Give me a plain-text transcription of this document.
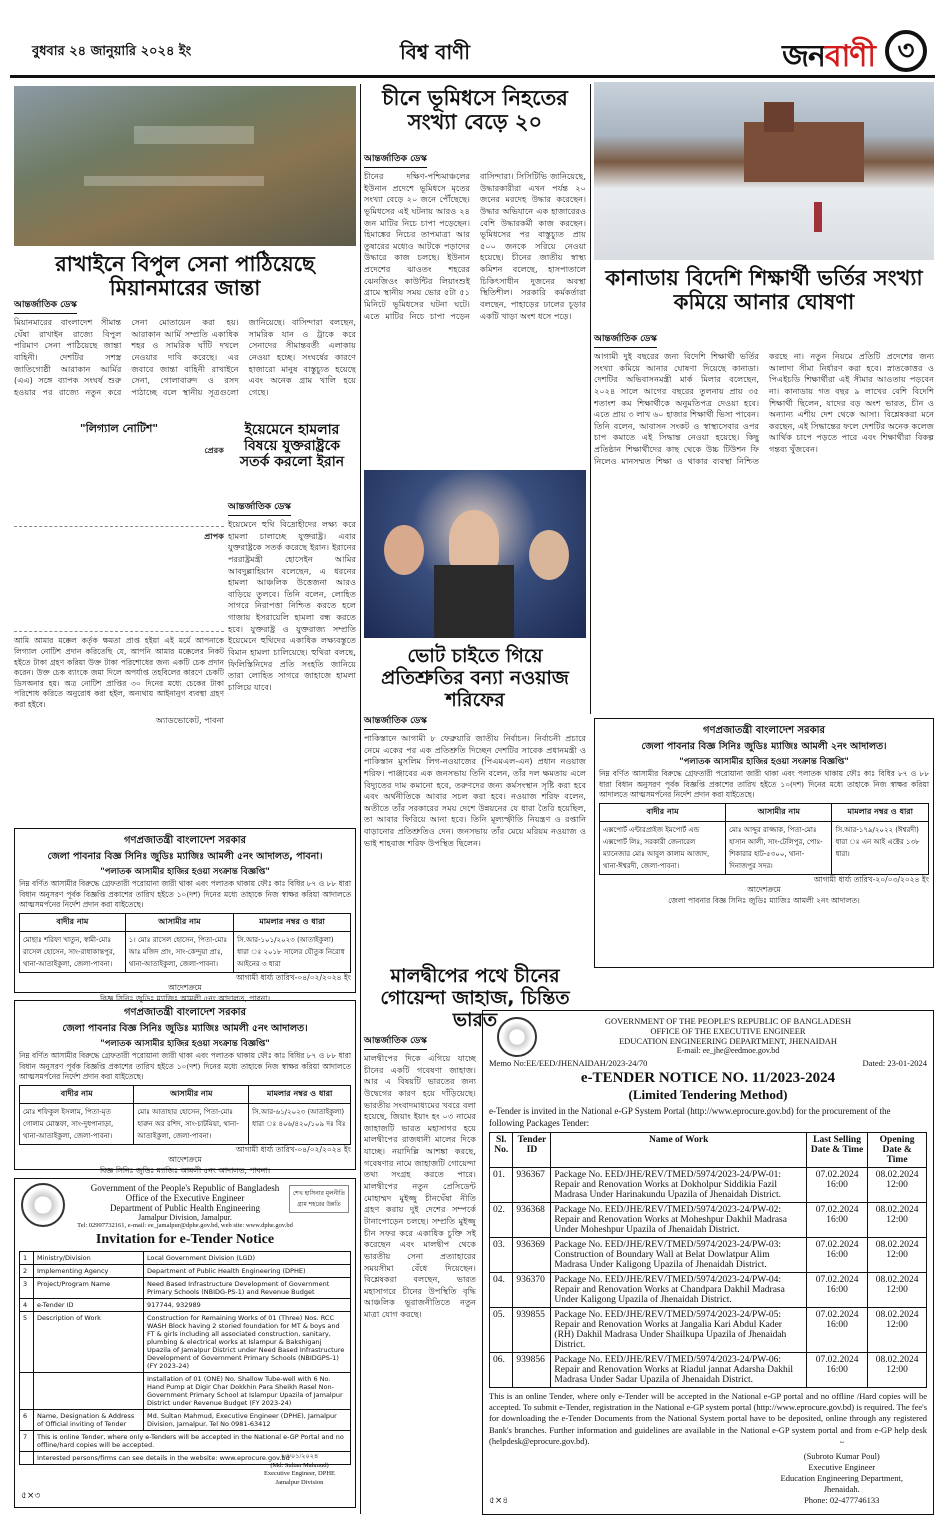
বুধবার ২৪ জানুয়ারি ২০২৪ ইং	বিশ্ব বাণী	জনবাণী ৩
রাখাইনে বিপুল সেনা পাঠিয়েছে মিয়ানমারের জান্তা
আন্তর্জাতিক ডেস্ক
মিয়ানমারের বাংলাদেশ সীমান্ত ঘেঁষা রাখাইন রাজ্যে বিপুল পরিমাণ সেনা পাঠিয়েছে জান্তা বাহিনী। দেশটির সশস্ত্র জাতিগোষ্ঠী আরাকান আর্মির (এএ) সঙ্গে ব্যাপক সংঘর্ষ শুরু হওয়ার পর রাজ্যে নতুন করে সেনা মোতায়েন করা হয়। আরাকান আর্মি সম্প্রতি একাধিক শহর ও সামরিক ঘাঁটি দখলে নেওয়ার দাবি করেছে। এর জবাবে জান্তা বাহিনী রাখাইনে সেনা, গোলাবারুদ ও রসদ পাঠাচ্ছে বলে স্থানীয় সূত্রগুলো জানিয়েছে। বাসিন্দারা বলছেন, সামরিক যান ও ট্রাকে করে সেনাদের সীমান্তবর্তী এলাকায় নেওয়া হচ্ছে। সংঘর্ষের কারণে হাজারো মানুষ বাস্তুচ্যুত হয়েছে এবং অনেক গ্রাম খালি হয়ে গেছে।
"লিগ্যাল নোটিশ"
প্রেরক
প্রাপক
আমি আমার মক্কেল কর্তৃক ক্ষমতা প্রাপ্ত হইয়া এই মর্মে আপনাকে লিগ্যাল নোটিশ প্রদান করিতেছি যে, আপনি আমার মক্কেলের নিকট হইতে টাকা গ্রহণ করিয়া উক্ত টাকা পরিশোধের জন্য একটি চেক প্রদান করেন। উক্ত চেক ব্যাংকে জমা দিলে অপর্যাপ্ত তহবিলের কারণে চেকটি ডিসঅনার হয়। অত্র নোটিশ প্রাপ্তির ৩০ দিনের মধ্যে চেকের টাকা পরিশোধ করিতে অনুরোধ করা হইল, অন্যথায় আইনানুগ ব্যবস্থা গ্রহণ করা হইবে।
অ্যাডভোকেট, পাবনা
ইয়েমেনে হামলার বিষয়ে যুক্তরাষ্ট্রকে সতর্ক করলো ইরান
আন্তর্জাতিক ডেস্ক
ইয়েমেনে হুথি বিদ্রোহীদের লক্ষ্য করে হামলা চালাচ্ছে যুক্তরাষ্ট্র। এবার যুক্তরাষ্ট্রকে সতর্ক করেছে ইরান। ইরানের পররাষ্ট্রমন্ত্রী হোসেইন আমির আবদুল্লাহিয়ান বলেছেন, এ ধরনের হামলা আঞ্চলিক উত্তেজনা আরও বাড়িয়ে তুলবে। তিনি বলেন, লোহিত সাগরে নিরাপত্তা নিশ্চিত করতে হলে গাজায় ইসরায়েলি হামলা বন্ধ করতে হবে। যুক্তরাষ্ট্র ও যুক্তরাজ্য সম্প্রতি ইয়েমেনে হুথিদের একাধিক লক্ষ্যবস্তুতে বিমান হামলা চালিয়েছে। হুথিরা বলছে, ফিলিস্তিনিদের প্রতি সংহতি জানিয়ে তারা লোহিত সাগরে জাহাজে হামলা চালিয়ে যাবে।
গণপ্রজাতন্ত্রী বাংলাদেশ সরকার
জেলা পাবনার বিজ্ঞ সিনিঃ জুডিঃ ম্যাজিঃ আমলী ৫নং আদালত, পাবনা।
"পলাতক আসামীর হাজির হওয়া সংক্রান্ত বিজ্ঞপ্তি"
নিম্ন বর্ণিত আসামীর বিরুদ্ধে গ্রেফতারী পরোয়ানা জারী থাকা এবং পলাতক থাকায় ফৌঃ কাঃ বিধির ৮৭ ও ৮৮ ধারা বিধান অনুসরণ পূর্বক বিজ্ঞপ্তি প্রকাশের তারিখ হইতে ১০(দশ) দিনের মধ্যে তাহাকে নিজ স্বাক্ষর করিয়া আদালতে আত্মসমর্পনের নির্দেশ প্রদান করা যাইতেছে।
বাদীর নাম	আসামীর নাম	মামলার নম্বর ও ধারা
মোছাঃ শরিফা খাতুন, স্বামী-মোঃ রাসেল হোসেন, সাং-রাধাকান্তপুর, থানা-আতাইকুলা, জেলা-পাবনা।	১। মোঃ রাসেল হোসেন, পিতা-মোঃ আঃ মজিদ প্রাং, সাং-কেন্দুয়া প্রাঃ, থানা-আতাইকুলা, জেলা-পাবনা।	সি.আর-১০১/২০২৩ (আতাইকুলা) ধারা ঃ ২০১৮ সালের যৌতুক নিরোধ আইনের ৩ ধারা
আগামী ধার্য্য তারিখ-০৪/০২/২০২৪ ইং
আদেশক্রমে
বিজ্ঞ সিনিঃ জুডিঃ ম্যাজিঃ আমলী ৫নং আদালত, পাবনা।
গণপ্রজাতন্ত্রী বাংলাদেশ সরকার
জেলা পাবনার বিজ্ঞ সিনিঃ জুডিঃ ম্যাজিঃ আমলী ৫নং আদালত।
"পলাতক আসামীর হাজির হওয়া সংক্রান্ত বিজ্ঞপ্তি"
নিম্ন বর্ণিত আসামীর বিরুদ্ধে গ্রেফতারী পরোয়ানা জারী থাকা এবং পলাতক থাকায় ফৌঃ কাঃ বিধির ৮৭ ও ৮৮ ধারা বিধান অনুসরণ পূর্বক বিজ্ঞপ্তি প্রকাশের তারিখ হইতে ১০(দশ) দিনের মধ্যে তাহাকে নিজ স্বাক্ষর করিয়া আদালতে আত্মসমর্পনের নির্দেশ প্রদান করা যাইতেছে।
বাদীর নাম	আসামীর নাম	মামলার নম্বর ও ধারা
মোঃ শফিকুল ইসলাম, পিতা-মৃত গোলাম মোস্তফা, সাং-দুধপানাড়া, থানা-আতাইকুলা, জেলা-পাবনা।	মোঃ আতাহার হোসেন, পিতা-মোঃ হারুন অর রশিদ, সাং-চাটমিয়া, থানা-আতাইকুলা, জেলা-পাবনা।	সি.আর-৬১/২০২৩ (আতাইকুলা) ধারা ঃ ৪০৬/৪২০/১০৯ দঃ বিঃ
আগামী ধার্য্য তারিখ-০৪/০২/২০২৪ ইং
আদেশক্রমে
বিজ্ঞ সিনিঃ জুডিঃ ম্যাজিঃ আমলী ৫নং আদালত, পাবনা।
শেখ হাসিনার মূলনীতি গ্রাম শহরের উন্নতি
Government of the People's Republic of Bangladesh
Office of the Executive Engineer
Department of Public Health Engineering
Jamalpur Division, Jamalpur.
Tel: 02997732161, e-mail: ee_jamalpur@dphe.gov.bd, web site: www.dphe.gov.bd
Invitation for e-Tender Notice
1	Ministry/Division	Local Government Division (LGD)
2	Implementing Agency	Department of Public Health Engineering (DPHE)
3	Project/Program Name	Need Based Infrastructure Development of Government Primary Schools (NBIDG-PS-1) and Revenue Budget
4	e-Tender ID	917744, 932989
5	Description of Work	Construction for Remaining Works of 01 (Three) Nos. RCC WASH Block having 2 storied foundation for MT & boys and FT & girls including all associated construction, sanitary, plumbing & electrical works at Islampur & Bakshiganj Upazila of Jamalpur District under Need Based Infrastructure Development of Government Primary Schools (NBIDGPS-1) (FY 2023-24)
		Installation of 01 (ONE) No. Shallow Tube-well with 6 No. Hand Pump at Digir Char Dokkhin Para Sheikh Rasel Non-Government Primary School at Islampur Upazila of Jamalpur District under Revenue Budget (FY 2023-24)
6	Name, Designation & Address of Official inviting of Tender	Md. Sultan Mahmud, Executive Engineer (DPHE), Jamalpur Division, Jamalpur. Tel No 0981-63412
7	This is online Tender, where only e-Tenders will be accepted in the National e-GP Portal and no offline/hard copies will be accepted.	
	Interested persons/firms can see details in the website: www.eprocure.gov.bd	
২৩/০১/২০২৪
(Md. Sultan Mahmud)
Executive Engineer, DPHE
Jamalpur Division
৫×৩
চীনে ভূমিধসে নিহতের সংখ্যা বেড়ে ২০
আন্তর্জাতিক ডেস্ক
চীনের দক্ষিণ-পশ্চিমাঞ্চলের ইউনান প্রদেশে ভূমিধসে মৃতের সংখ্যা বেড়ে ২০ জনে পৌঁছেছে। ভূমিধসের এই ঘটনায় আরও ২৪ জন মাটির নিচে চাপা পড়েছেন। হিমাঙ্কের নিচের তাপমাত্রা আর তুষারের মধ্যেও আটকে পড়াদের উদ্ধারে কাজ চলছে। ইউনান প্রদেশের ঝাওতং শহরের ঝেনজিওং কাউন্টির লিয়াংশুই গ্রামে স্থানীয় সময় ভোর ৫টা ৫১ মিনিটে ভূমিধসের ঘটনা ঘটে। এতে মাটির নিচে চাপা পড়েন বাসিন্দারা। সিসিটিভি জানিয়েছে, উদ্ধারকারীরা এখন পর্যন্ত ২০ জনের মরদেহ উদ্ধার করেছেন। উদ্ধার অভিযানে এক হাজারেরও বেশি উদ্ধারকর্মী কাজ করছেন। ভূমিধসের পর বাস্তুচ্যুত প্রায় ৫০০ জনকে সরিয়ে নেওয়া হয়েছে। চীনের জাতীয় স্বাস্থ্য কমিশন বলেছে, হাসপাতালে চিকিৎসাধীন দুজনের অবস্থা স্থিতিশীল। সরকারি কর্মকর্তারা বলছেন, পাহাড়ের ঢালের চূড়ার একটি খাড়া অংশ ধসে পড়ে।
ভোট চাইতে গিয়ে প্রতিশ্রুতির বন্যা নওয়াজ শরিফের
আন্তর্জাতিক ডেস্ক
পাকিস্তানে আগামী ৮ ফেব্রুয়ারি জাতীয় নির্বাচন। নির্বাচনী প্রচারে নেমে একের পর এক প্রতিশ্রুতি দিচ্ছেন দেশটির সাবেক প্রধানমন্ত্রী ও পাকিস্তান মুসলিম লিগ-নওয়াজের (পিএমএল-এন) প্রধান নওয়াজ শরিফ। পাঞ্জাবের এক জনসভায় তিনি বলেন, তাঁর দল ক্ষমতায় এলে বিদ্যুতের দাম কমানো হবে, তরুণদের জন্য কর্মসংস্থান সৃষ্টি করা হবে এবং অর্থনীতিকে আবার সচল করা হবে। নওয়াজ শরিফ বলেন, অতীতে তাঁর সরকারের সময় দেশে উন্নয়নের যে ধারা তৈরি হয়েছিল, তা আবার ফিরিয়ে আনা হবে। তিনি মূল্যস্ফীতি নিয়ন্ত্রণ ও রপ্তানি বাড়ানোর প্রতিশ্রুতিও দেন। জনসভায় তাঁর মেয়ে মরিয়ম নওয়াজ ও ভাই শাহবাজ শরিফ উপস্থিত ছিলেন।
মালদ্বীপের পথে চীনের গোয়েন্দা জাহাজ, চিন্তিত ভারত
আন্তর্জাতিক ডেস্ক
মালদ্বীপের দিকে এগিয়ে যাচ্ছে চীনের একটি গবেষণা জাহাজ। আর এ বিষয়টি ভারতের জন্য উদ্বেগের কারণ হয়ে দাঁড়িয়েছে। ভারতীয় সংবাদমাধ্যমের খবরে বলা হয়েছে, জিয়াং ইয়াং হং ০৩ নামের জাহাজটি ভারত মহাসাগর হয়ে মালদ্বীপের রাজধানী মালের দিকে যাচ্ছে। নয়াদিল্লি আশঙ্কা করছে, গবেষণার নামে জাহাজটি গোয়েন্দা তথ্য সংগ্রহ করতে পারে। মালদ্বীপের নতুন প্রেসিডেন্ট মোহাম্মদ মুইজ্জু চীনঘেঁষা নীতি গ্রহণ করায় দুই দেশের সম্পর্কে টানাপোড়েন চলছে। সম্প্রতি মুইজ্জু চীন সফর করে একাধিক চুক্তি সই করেছেন এবং মালদ্বীপ থেকে ভারতীয় সেনা প্রত্যাহারের সময়সীমা বেঁধে দিয়েছেন। বিশ্লেষকরা বলছেন, ভারত মহাসাগরে চীনের উপস্থিতি বৃদ্ধি আঞ্চলিক ভূরাজনীতিতে নতুন মাত্রা যোগ করছে।
কানাডায় বিদেশি শিক্ষার্থী ভর্তির সংখ্যা কমিয়ে আনার ঘোষণা
আন্তর্জাতিক ডেস্ক
আগামী দুই বছরের জন্য বিদেশি শিক্ষার্থী ভর্তির সংখ্যা কমিয়ে আনার ঘোষণা দিয়েছে কানাডা। দেশটির অভিবাসনমন্ত্রী মার্ক মিলার বলেছেন, ২০২৪ সালে আগের বছরের তুলনায় প্রায় ৩৫ শতাংশ কম শিক্ষার্থীকে অনুমতিপত্র দেওয়া হবে। এতে প্রায় ৩ লাখ ৬০ হাজার শিক্ষার্থী ভিসা পাবেন। তিনি বলেন, আবাসন সংকট ও স্বাস্থ্যসেবার ওপর চাপ কমাতে এই সিদ্ধান্ত নেওয়া হয়েছে। কিছু প্রতিষ্ঠান শিক্ষার্থীদের কাছ থেকে উচ্চ টিউশন ফি নিলেও মানসম্মত শিক্ষা ও থাকার ব্যবস্থা নিশ্চিত করছে না। নতুন নিয়মে প্রতিটি প্রদেশের জন্য আলাদা সীমা নির্ধারণ করা হবে। স্নাতকোত্তর ও পিএইচডি শিক্ষার্থীরা এই সীমার আওতায় পড়বেন না। কানাডায় গত বছর ৯ লাখের বেশি বিদেশি শিক্ষার্থী ছিলেন, যাদের বড় অংশ ভারত, চীন ও অন্যান্য এশীয় দেশ থেকে আসা। বিশ্লেষকরা মনে করছেন, এই সিদ্ধান্তের ফলে দেশটির অনেক কলেজ আর্থিক চাপে পড়তে পারে এবং শিক্ষার্থীরা বিকল্প গন্তব্য খুঁজবেন।
গণপ্রজাতন্ত্রী বাংলাদেশ সরকার
জেলা পাবনার বিজ্ঞ সিনিঃ জুডিঃ ম্যাজিঃ আমলী ২নং আদালত।
"পলাতক আসামীর হাজির হওয়া সংক্রান্ত বিজ্ঞপ্তি"
নিম্ন বর্ণিত আসামীর বিরুদ্ধে গ্রেফতারী পরোয়ানা জারী থাকা এবং পলাতক থাকায় ফৌঃ কাঃ বিধির ৮৭ ও ৮৮ ধারা বিধান অনুসরণ পূর্বক বিজ্ঞপ্তি প্রকাশের তারিখ হইতে ১০(দশ) দিনের মধ্যে তাহাকে নিজ স্বাক্ষর করিয়া আদালতে আত্মসমর্পনের নির্দেশ প্রদান করা যাইতেছে।
বাদীর নাম	আসামীর নাম	মামলার নম্বর ও ধারা
এক্সপোর্ট এন্টারপ্রাইজ ইমপোর্ট এন্ড এক্সপোর্ট লিঃ, সরকারী জেনারেল ম্যানেজার মোঃ আবুল কালাম আজাদ, থানা-ঈশ্বরদী, জেলা-পাবনা।	মোঃ আব্দুর রাজ্জাক, পিতা-মোঃ হাসান আলী, সাং-টেলিপুর, পোঃ-শিকারার হাট-৫৩০০, থানা-দিনাজপুর সদর।	সি.আর-১৭৯/২০২২ (ঈশ্বরদী) ধারা ঃ এন আই এক্টের ১৩৮ ধারা।
আগামী ধার্য্য তারিখ-২০/০৩/২০২৪ ইং
আদেশক্রমে
জেলা পাবনার বিজ্ঞ সিনিঃ জুডিঃ ম্যাজিঃ আমলী ২নং আদালত।
GOVERNMENT OF THE PEOPLE'S REPUBLIC OF BANGLADESH
OFFICE OF THE EXECUTIVE ENGINEER
EDUCATION ENGINEERING DEPARTMENT, JHENAIDAH
E-mail: ee_jhe@eedmoe.gov.bd
Memo No:EE/EED/JHENAIDAH/2023-24/70	Dated: 23-01-2024
e-TENDER NOTICE NO. 11/2023-2024
(Limited Tendering Method)
e-Tender is invited in the National e-GP System Portal (http://www.eprocure.gov.bd) for the procurement of the following Packages Tender:
Sl. No.	Tender ID	Name of Work	Last Selling Date & Time	Opening Date & Time
01.	936367	Package No. EED/JHE/REV/TMED/5974/2023-24/PW-01: Repair and Renovation Works at Dokholpur Siddikia Fazil Madrasa Under Harinakundu Upazila of Jhenaidah District.	07.02.2024 16:00	08.02.2024 12:00
02.	936368	Package No. EED/JHE/REV/TMED/5974/2023-24/PW-02: Repair and Renovation Works at Moheshpur Dakhil Madrasa Under Moheshpur Upazila of Jhenaidah District.	07.02.2024 16:00	08.02.2024 12:00
03.	936369	Package No. EED/JHE/REV/TMED/5974/2023-24/PW-03: Construction of Boundary Wall at Belat Dowlatpur Alim Madrasa Under Kaligong Upazila of Jhenaidah District.	07.02.2024 16:00	08.02.2024 12:00
04.	936370	Package No. EED/JHE/REV/TMED/5974/2023-24/PW-04: Repair and Renovation Works at Chandpara Dakhil Madrasa Under Kaligong Upazila of Jhenaidah District.	07.02.2024 16:00	08.02.2024 12:00
05.	939855	Package No. EED/JHE/REV/TMED/5974/2023-24/PW-05: Repair and Renovation Works at Jangalia Kari Abdul Kader (RH) Dakhil Madrasa Under Shailkupa Upazila of Jhenaidah District.	07.02.2024 16:00	08.02.2024 12:00
06.	939856	Package No. EED/JHE/REV/TMED/5974/2023-24/PW-06: Repair and Renovation Works at Riadul jannat Adarsha Dakhil Madrasa Under Sadar Upazila of Jhenaidah District.	07.02.2024 16:00	08.02.2024 12:00
This is an online Tender, where only e-Tender will be accepted in the National e-GP portal and no offline /Hard copies will be accepted. To submit e-Tender, registration in the National e-GP system portal (http://www.eprocure.gov.bd) is required. The fee's for downloading the e-Tender Documents from the National System portal have to be deposited, online through any registered Bank's branches. Further information and guidelines are available in the National e-GP system portal and from e-GP help desk (helpdesk@eprocure.gov.bd).	~
(Subroto Kumar Poul)
Executive Engineer
Education Engineering Department,
Jhenaidah.
Phone: 02-477746133
৫×৪
